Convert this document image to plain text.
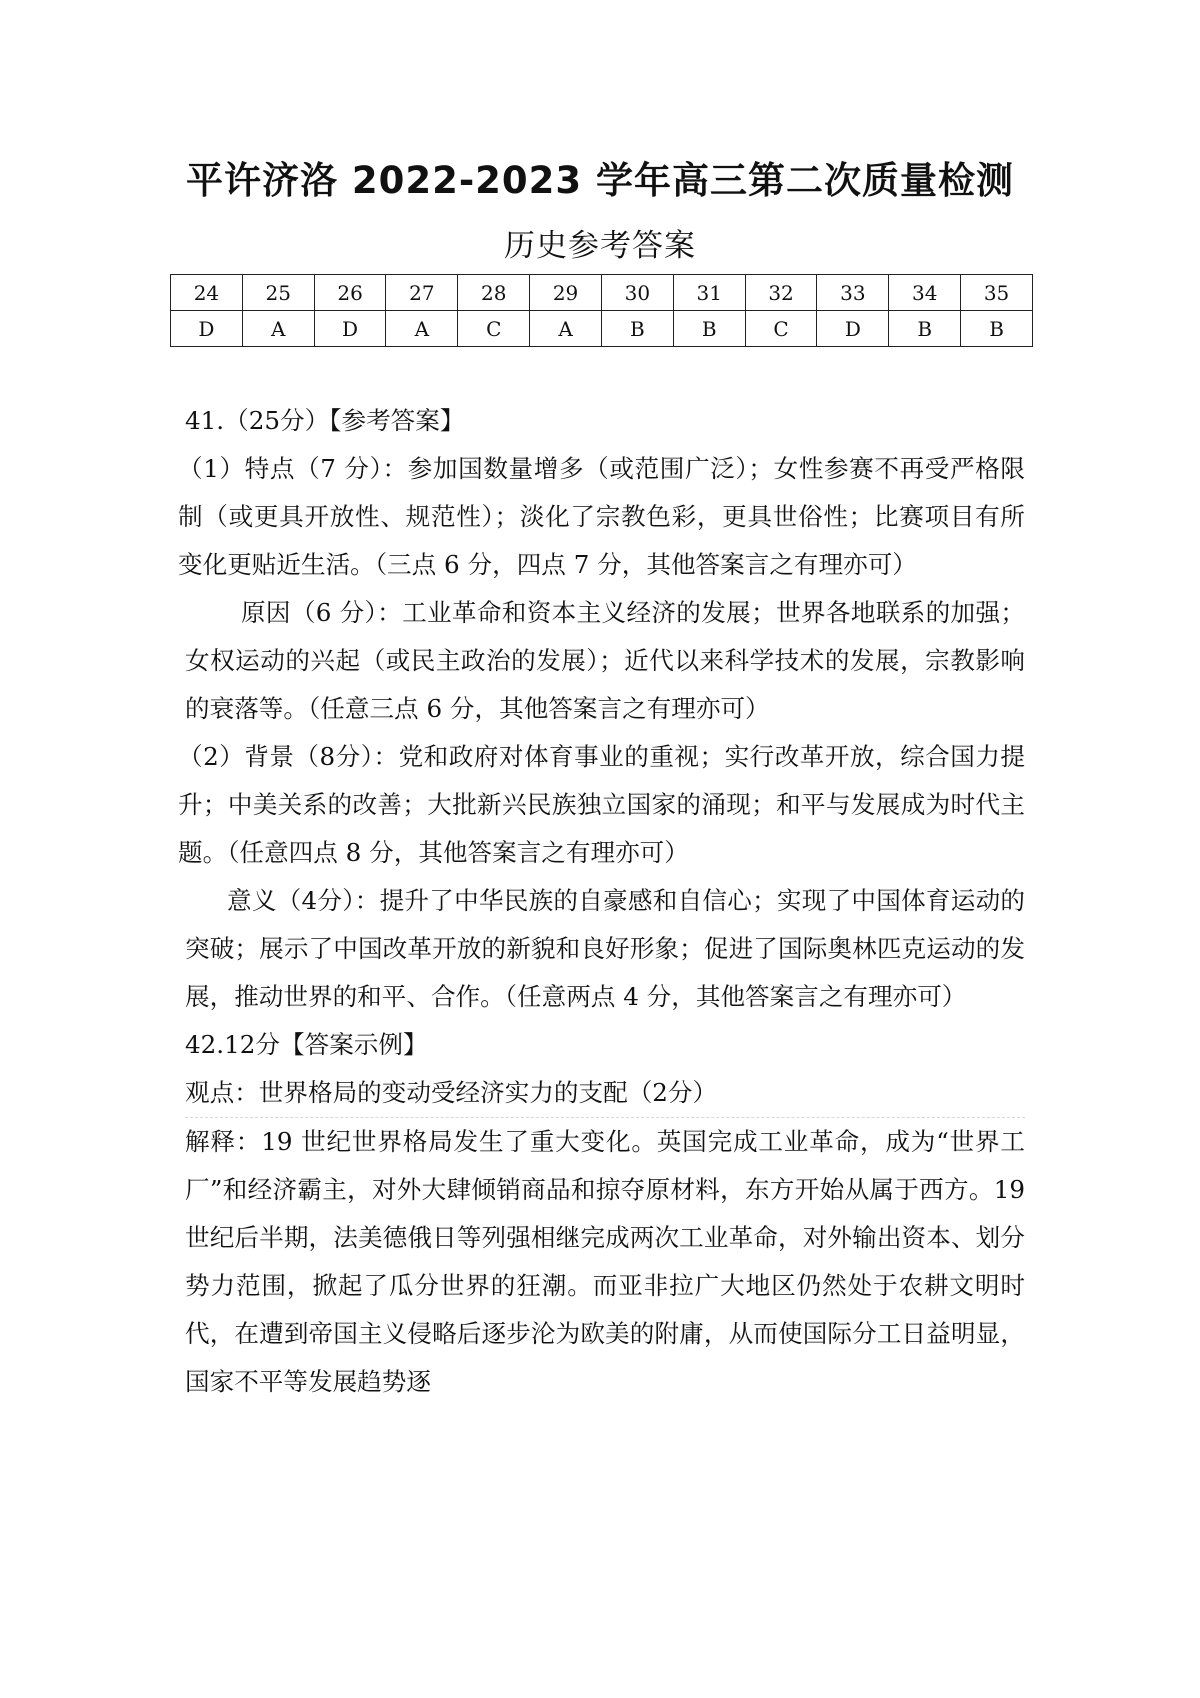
平许济洛 2022-2023 学年高三第二次质量检测
历史参考答案
24	25	26	27	28	29	30	31	32	33	34	35
D	A	D	A	C	A	B	B	C	D	B	B

41.（25分）【参考答案】

（1）特点（7 分）：参加国数量增多（或范围广泛）；女性参赛不再受严格限制（或更具开放性、规范性）；淡化了宗教色彩，更具世俗性；比赛项目有所变化更贴近生活。（三点 6 分，四点 7 分，其他答案言之有理亦可）

原因（6 分）：工业革命和资本主义经济的发展；世界各地联系的加强；女权运动的兴起（或民主政治的发展）；近代以来科学技术的发展，宗教影响的衰落等。（任意三点 6 分，其他答案言之有理亦可）

（2）背景（8分）：党和政府对体育事业的重视；实行改革开放，综合国力提升；中美关系的改善；大批新兴民族独立国家的涌现；和平与发展成为时代主题。（任意四点 8 分，其他答案言之有理亦可）

意义（4分）：提升了中华民族的自豪感和自信心；实现了中国体育运动的突破；展示了中国改革开放的新貌和良好形象；促进了国际奥林匹克运动的发展，推动世界的和平、合作。（任意两点 4 分，其他答案言之有理亦可）

42.12分【答案示例】

观点：世界格局的变动受经济实力的支配（2分）

解释：19 世纪世界格局发生了重大变化。英国完成工业革命，成为“世界工厂”和经济霸主，对外大肆倾销商品和掠夺原材料，东方开始从属于西方。19 世纪后半期，法美德俄日等列强相继完成两次工业革命，对外输出资本、划分势力范围，掀起了瓜分世界的狂潮。而亚非拉广大地区仍然处于农耕文明时代，在遭到帝国主义侵略后逐步沦为欧美的附庸，从而使国际分工日益明显，国家不平等发展趋势逐
